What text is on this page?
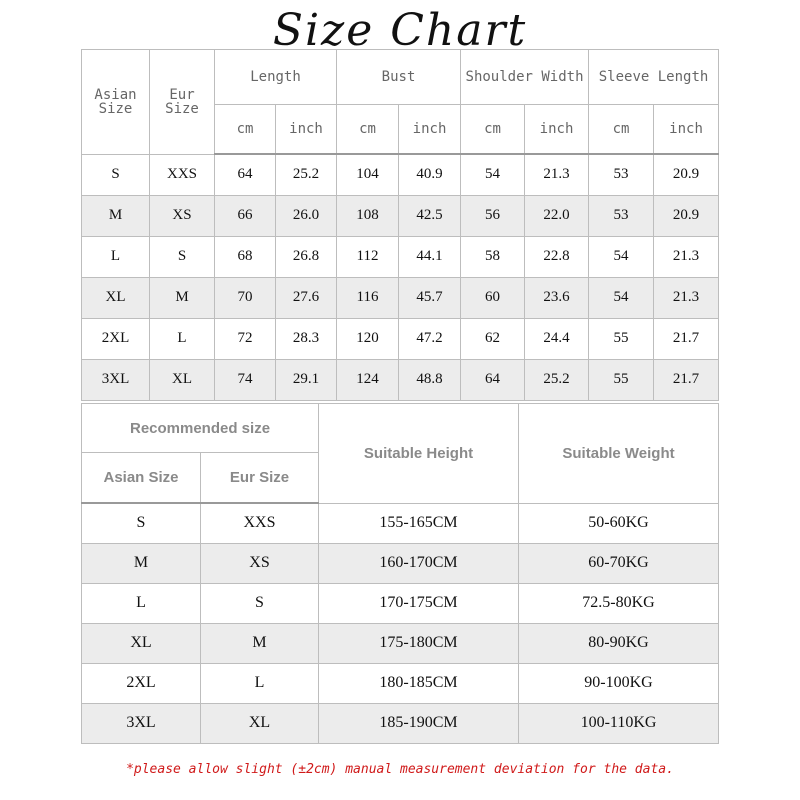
Size Chart
Asian Size	Eur Size	Length		Bust		Shoulder Width		Sleeve Length	
		cm	inch	cm	inch	cm	inch	cm	inch
S	XXS	64	25.2	104	40.9	54	21.3	53	20.9
M	XS	66	26.0	108	42.5	56	22.0	53	20.9
L	S	68	26.8	112	44.1	58	22.8	54	21.3
XL	M	70	27.6	116	45.7	60	23.6	54	21.3
2XL	L	72	28.3	120	47.2	62	24.4	55	21.7
3XL	XL	74	29.1	124	48.8	64	25.2	55	21.7
Recommended size		Suitable Height	Suitable Weight
Asian Size	Eur Size		
S	XXS	155-165CM	50-60KG
M	XS	160-170CM	60-70KG
L	S	170-175CM	72.5-80KG
XL	M	175-180CM	80-90KG
2XL	L	180-185CM	90-100KG
3XL	XL	185-190CM	100-110KG
*please allow slight (±2cm) manual measurement deviation for the data.
